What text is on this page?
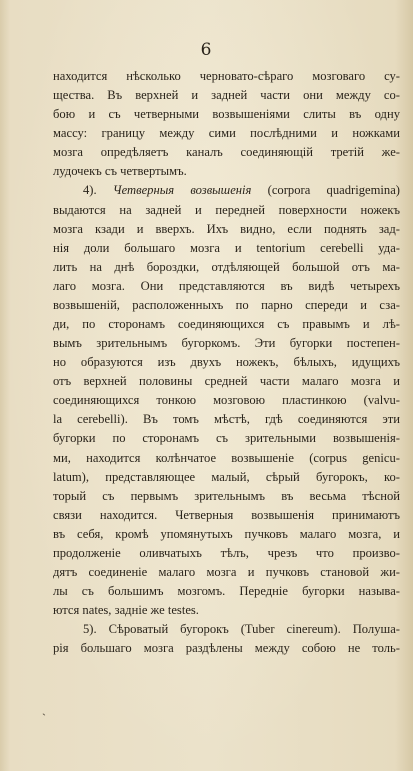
6
находится нѣсколько черновато-сѣраго мозговаго су-
щества. Въ верхней и задней части они между со-
бою и съ четверными возвышеніями слиты въ одну
массу: границу между сими послѣдними и ножками
мозга опредѣляетъ каналъ соединяющій третій же-
лудочекъ съ четвертымъ.
4). Четверныя возвышенія (corpora quadrigemina)
выдаются на задней и передней поверхности ножекъ
мозга кзади и вверхъ. Ихъ видно, если поднять зад-
нія доли большаго мозга и tentorium cerebelli уда-
лить на днѣ бороздки, отдѣляющей большой отъ ма-
лаго мозга. Они представляются въ видѣ четырехъ
возвышеній, расположенныхъ по парно спереди и сза-
ди, по сторонамъ соединяющихся съ правымъ и лѣ-
вымъ зрительнымъ бугоркомъ. Эти бугорки постепен-
но образуются изъ двухъ ножекъ, бѣлыхъ, идущихъ
отъ верхней половины средней части малаго мозга и
соединяющихся тонкою мозговою пластинкою (valvu-
la cerebelli). Въ томъ мѣстѣ, гдѣ соединяются эти
бугорки по сторонамъ съ зрительными возвышенія-
ми, находится колѣнчатое возвышеніе (corpus genicu-
latum), представляющее малый, сѣрый бугорокъ, ко-
торый съ первымъ зрительнымъ въ весьма тѣсной
связи находится. Четверныя возвышенія принимаютъ
въ себя, кромѣ упомянутыхъ пучковъ малаго мозга, и
продолженіе оливчатыхъ тѣлъ, чрезъ что произво-
дятъ соединеніе малаго мозга и пучковъ становой жи-
лы съ большимъ мозгомъ. Передніе бугорки называ-
ются nates, задніе же testes.
5). Сѣроватый бугорокъ (Tuber cinereum). Полуша-
рія большаго мозга раздѣлены между собою не толь-
ˎ
